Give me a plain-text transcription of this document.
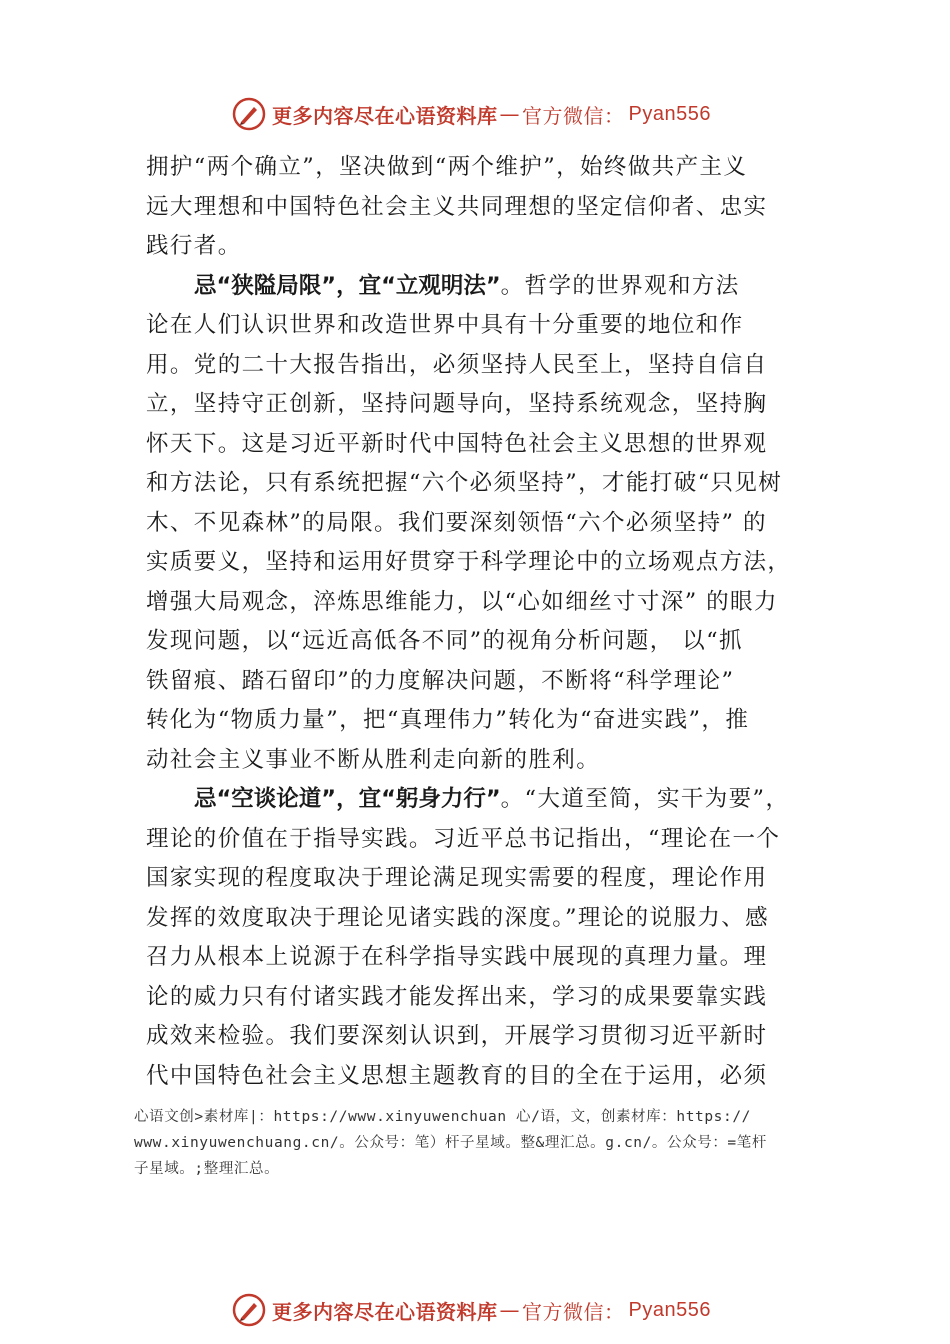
更多内容尽在心语资料库 — 官方微信： Pyan556
拥护“两个确立”，坚决做到“两个维护”，始终做共产主义
远大理想和中国特色社会主义共同理想的坚定信仰者、忠实
践行者。
忌“狭隘局限”，宜“立观明法”。哲学的世界观和方法
论在人们认识世界和改造世界中具有十分重要的地位和作
用。党的二十大报告指出，必须坚持人民至上，坚持自信自
立，坚持守正创新，坚持问题导向，坚持系统观念，坚持胸
怀天下。这是习近平新时代中国特色社会主义思想的世界观
和方法论，只有系统把握“六个必须坚持”，才能打破“只见树
木、不见森林”的局限。我们要深刻领悟“六个必须坚持” 的
实质要义，坚持和运用好贯穿于科学理论中的立场观点方法，
增强大局观念，淬炼思维能力，以“心如细丝寸寸深” 的眼力
发现问题，以“远近高低各不同”的视角分析问题， 以“抓
铁留痕、踏石留印”的力度解决问题，不断将“科学理论”
转化为“物质力量”，把“真理伟力”转化为“奋进实践”，推
动社会主义事业不断从胜利走向新的胜利。
忌“空谈论道”，宜“躬身力行”。“大道至简，实干为要”，
理论的价值在于指导实践。习近平总书记指出，“理论在一个
国家实现的程度取决于理论满足现实需要的程度，理论作用
发挥的效度取决于理论见诸实践的深度。”理论的说服力、感
召力从根本上说源于在科学指导实践中展现的真理力量。理
论的威力只有付诸实践才能发挥出来，学习的成果要靠实践
成效来检验。我们要深刻认识到，开展学习贯彻习近平新时
代中国特色社会主义思想主题教育的目的全在于运用，必须
心语文创>素材库|：https://www.xinyuwenchuan 心/语，文，创素材库：https://
www.xinyuwenchuang.cn/。公众号：笔）杆子星域。整&理汇总。g.cn/。公众号：=笔杆
子星域。;整理汇总。
更多内容尽在心语资料库 — 官方微信： Pyan556
